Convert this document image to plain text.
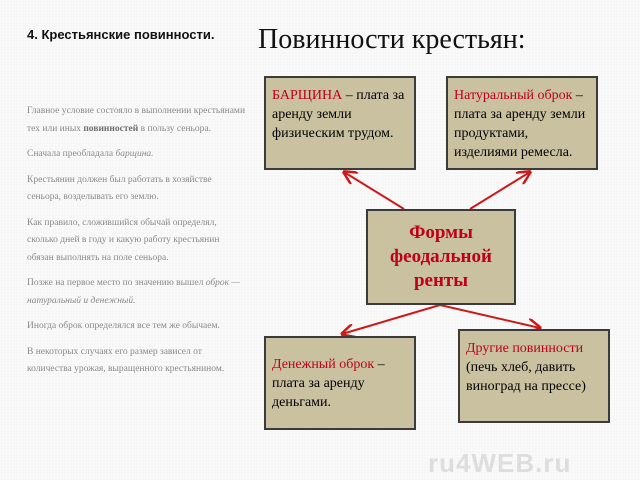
4. Крестьянские повинности. Повинности крестьян:

Главное условие состояло в выполнении крестьянами тех или иных повинностей в пользу сеньора.

Сначала преобладала барщина.

Крестьянин должен был работать в хозяйстве сеньора, возделывать его землю.

Как правило, сложившийся обычай определял, сколько дней в году и какую работу крестьянин обязан выполнять на поле сеньора.

Позже на первое место по значению вышел оброк — натуральный и денежный.

Иногда оброк определялся все тем же обычаем.

В некоторых случаях его размер зависел от количества урожая, выращенного крестьянином.

БАРЩИНА – плата за аренду земли физическим трудом.
Натуральный оброк – плата за аренду земли продуктами, изделиями ремесла.
Формы феодальной ренты
Денежный оброк – плата за аренду деньгами.
Другие повинности (печь хлеб, давить виноград на прессе)
ru4WEB.ru
